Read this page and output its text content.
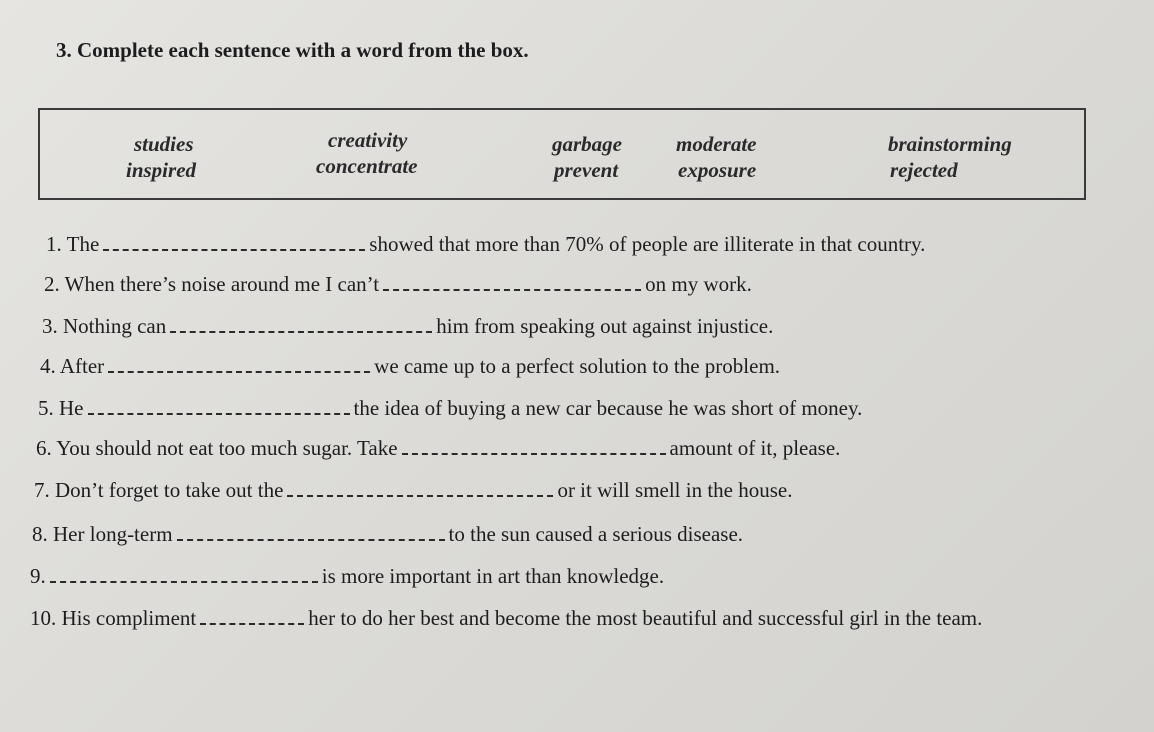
3. Complete each sentence with a word from the box.
studies
inspired
creativity
concentrate
garbage
prevent
moderate
exposure
brainstorming
rejected
1. The	showed that more than 70% of people are illiterate in that country.
2. When there’s noise around me I can’t	on my work.
3. Nothing can	him from speaking out against injustice.
4. After	we came up to a perfect solution to the problem.
5. He	the idea of buying a new car because he was short of money.
6. You should not eat too much sugar. Take	amount of it, please.
7. Don’t forget to take out the	or it will smell in the house.
8. Her long-term	to the sun caused a serious disease.
9.	is more important in art than knowledge.
10. His compliment	her to do her best and become the most beautiful and successful girl in the team.
